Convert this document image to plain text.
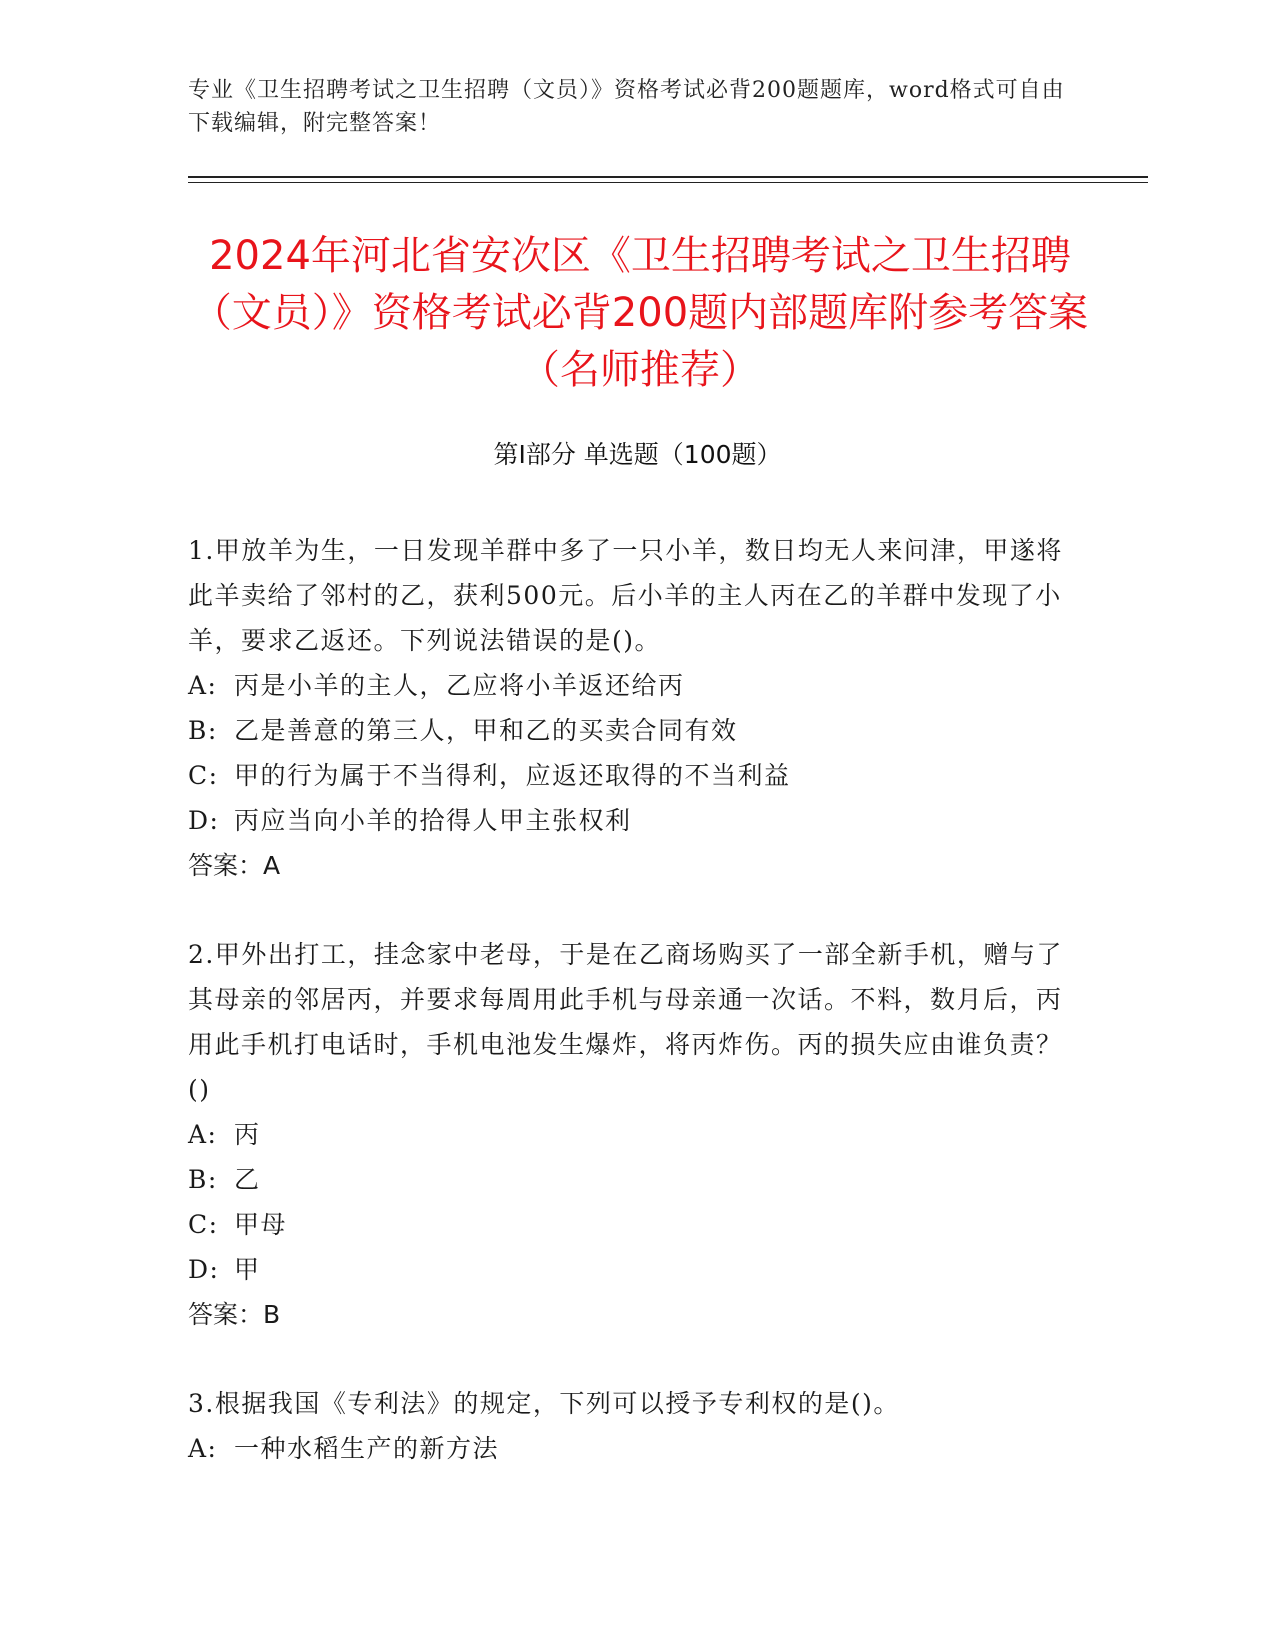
专业《卫生招聘考试之卫生招聘（文员）》资格考试必背200题题库，word格式可自由下载编辑，附完整答案！
2024年河北省安次区《卫生招聘考试之卫生招聘（文员）》资格考试必背200题内部题库附参考答案（名师推荐）
第I部分 单选题（100题）

1.甲放羊为生，一日发现羊群中多了一只小羊，数日均无人来问津，甲遂将此羊卖给了邻村的乙，获利500元。后小羊的主人丙在乙的羊群中发现了小羊，要求乙返还。下列说法错误的是()。

A: 丙是小羊的主人，乙应将小羊返还给丙
B: 乙是善意的第三人，甲和乙的买卖合同有效
C: 甲的行为属于不当得利，应返还取得的不当利益
D: 丙应当向小羊的拾得人甲主张权利

答案：A

2.甲外出打工，挂念家中老母，于是在乙商场购买了一部全新手机，赠与了其母亲的邻居丙，并要求每周用此手机与母亲通一次话。不料，数月后，丙用此手机打电话时，手机电池发生爆炸，将丙炸伤。丙的损失应由谁负责？()

A: 丙
B: 乙
C: 甲母
D: 甲

答案：B

3.根据我国《专利法》的规定，下列可以授予专利权的是()。

A: 一种水稻生产的新方法
